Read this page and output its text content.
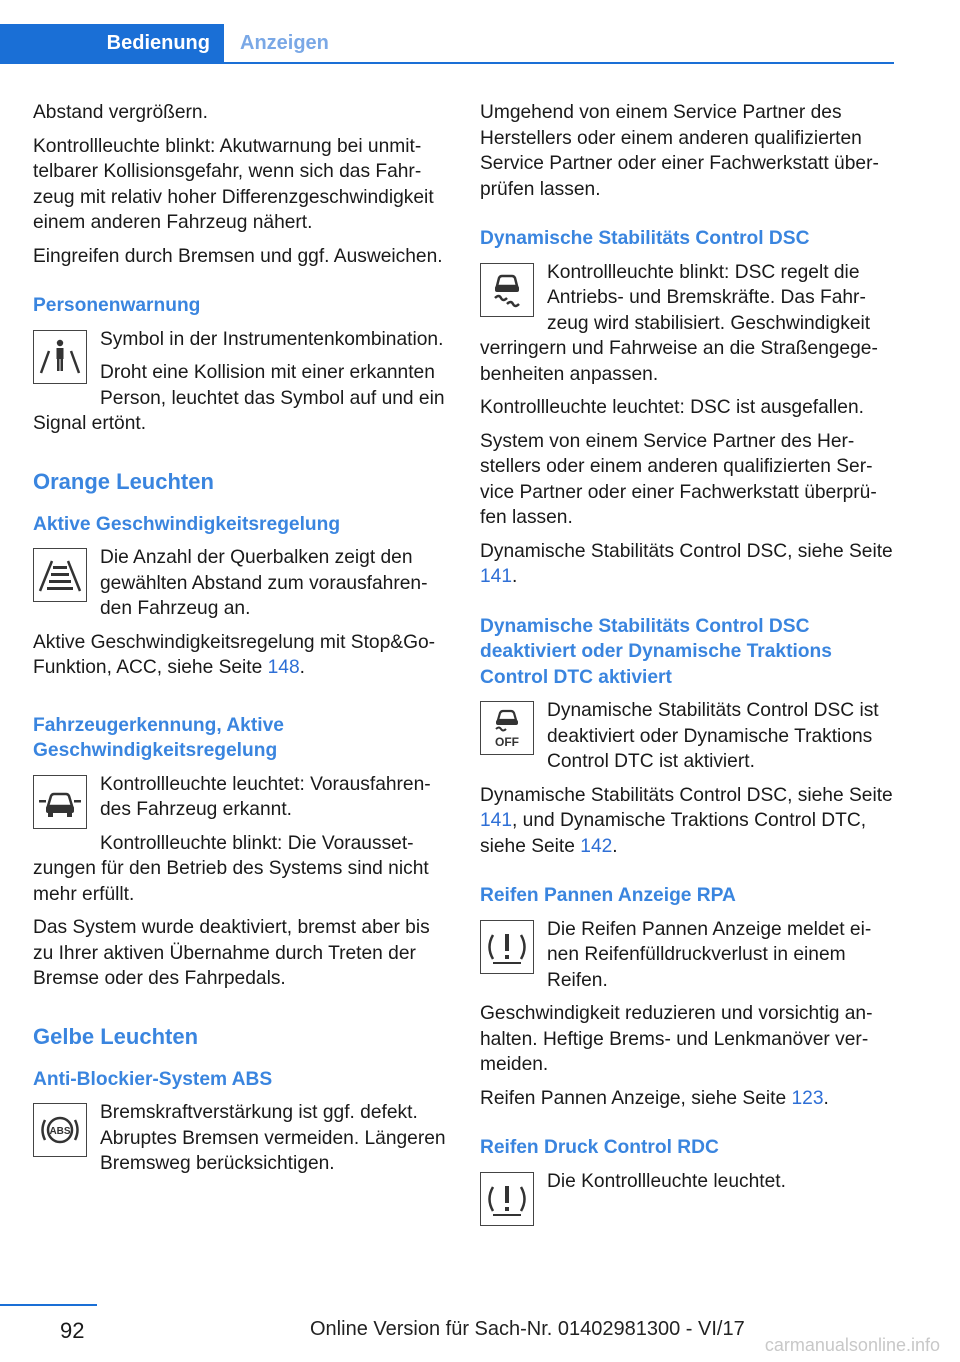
Bedienung	Anzeigen

Abstand vergrößern.

Kontrollleuchte blinkt: Akutwarnung bei unmittelbarer Kollisionsgefahr, wenn sich das Fahrzeug mit relativ hoher Differenzgeschwindigkeit einem anderen Fahrzeug nähert.

Eingreifen durch Bremsen und ggf. Ausweichen.

Personenwarnung

Symbol in der Instrumentenkombination.

Droht eine Kollision mit einer erkannten Person, leuchtet das Symbol auf und ein Signal ertönt.

Orange Leuchten
Aktive Geschwindigkeitsregelung

Die Anzahl der Querbalken zeigt den gewählten Abstand zum vorausfahrenden Fahrzeug an.

Aktive Geschwindigkeitsregelung mit Stop&Go-Funktion, ACC, siehe Seite 148.

Fahrzeugerkennung, Aktive Geschwindigkeitsregelung

Kontrollleuchte leuchtet: Vorausfahrendes Fahrzeug erkannt.

Kontrollleuchte blinkt: Die Voraussetzungen für den Betrieb des Systems sind nicht mehr erfüllt.

Das System wurde deaktiviert, bremst aber bis zu Ihrer aktiven Übernahme durch Treten der Bremse oder des Fahrpedals.

Gelbe Leuchten
Anti-Blockier-System ABS
ABS

Bremskraftverstärkung ist ggf. defekt. Abruptes Bremsen vermeiden. Längeren Bremsweg berücksichtigen.

Umgehend von einem Service Partner des Herstellers oder einem anderen qualifizierten Service Partner oder einer Fachwerkstatt überprüfen lassen.

Dynamische Stabilitäts Control DSC

Kontrollleuchte blinkt: DSC regelt die Antriebs- und Bremskräfte. Das Fahrzeug wird stabilisiert. Geschwindigkeit verringern und Fahrweise an die Straßengegebenheiten anpassen.

Kontrollleuchte leuchtet: DSC ist ausgefallen.

System von einem Service Partner des Herstellers oder einem anderen qualifizierten Service Partner oder einer Fachwerkstatt überprüfen lassen.

Dynamische Stabilitäts Control DSC, siehe Seite 141.

Dynamische Stabilitäts Control DSC deaktiviert oder Dynamische Traktions Control DTC aktiviert
OFF

Dynamische Stabilitäts Control DSC ist deaktiviert oder Dynamische Traktions Control DTC ist aktiviert.

Dynamische Stabilitäts Control DSC, siehe Seite 141, und Dynamische Traktions Control DTC, siehe Seite 142.

Reifen Pannen Anzeige RPA

Die Reifen Pannen Anzeige meldet einen Reifenfülldruckverlust in einem Reifen.

Geschwindigkeit reduzieren und vorsichtig anhalten. Heftige Brems- und Lenkmanöver vermeiden.

Reifen Pannen Anzeige, siehe Seite 123.

Reifen Druck Control RDC

Die Kontrollleuchte leuchtet.

92	Online Version für Sach-Nr. 01402981300 - VI/17
carmanualsonline.info
